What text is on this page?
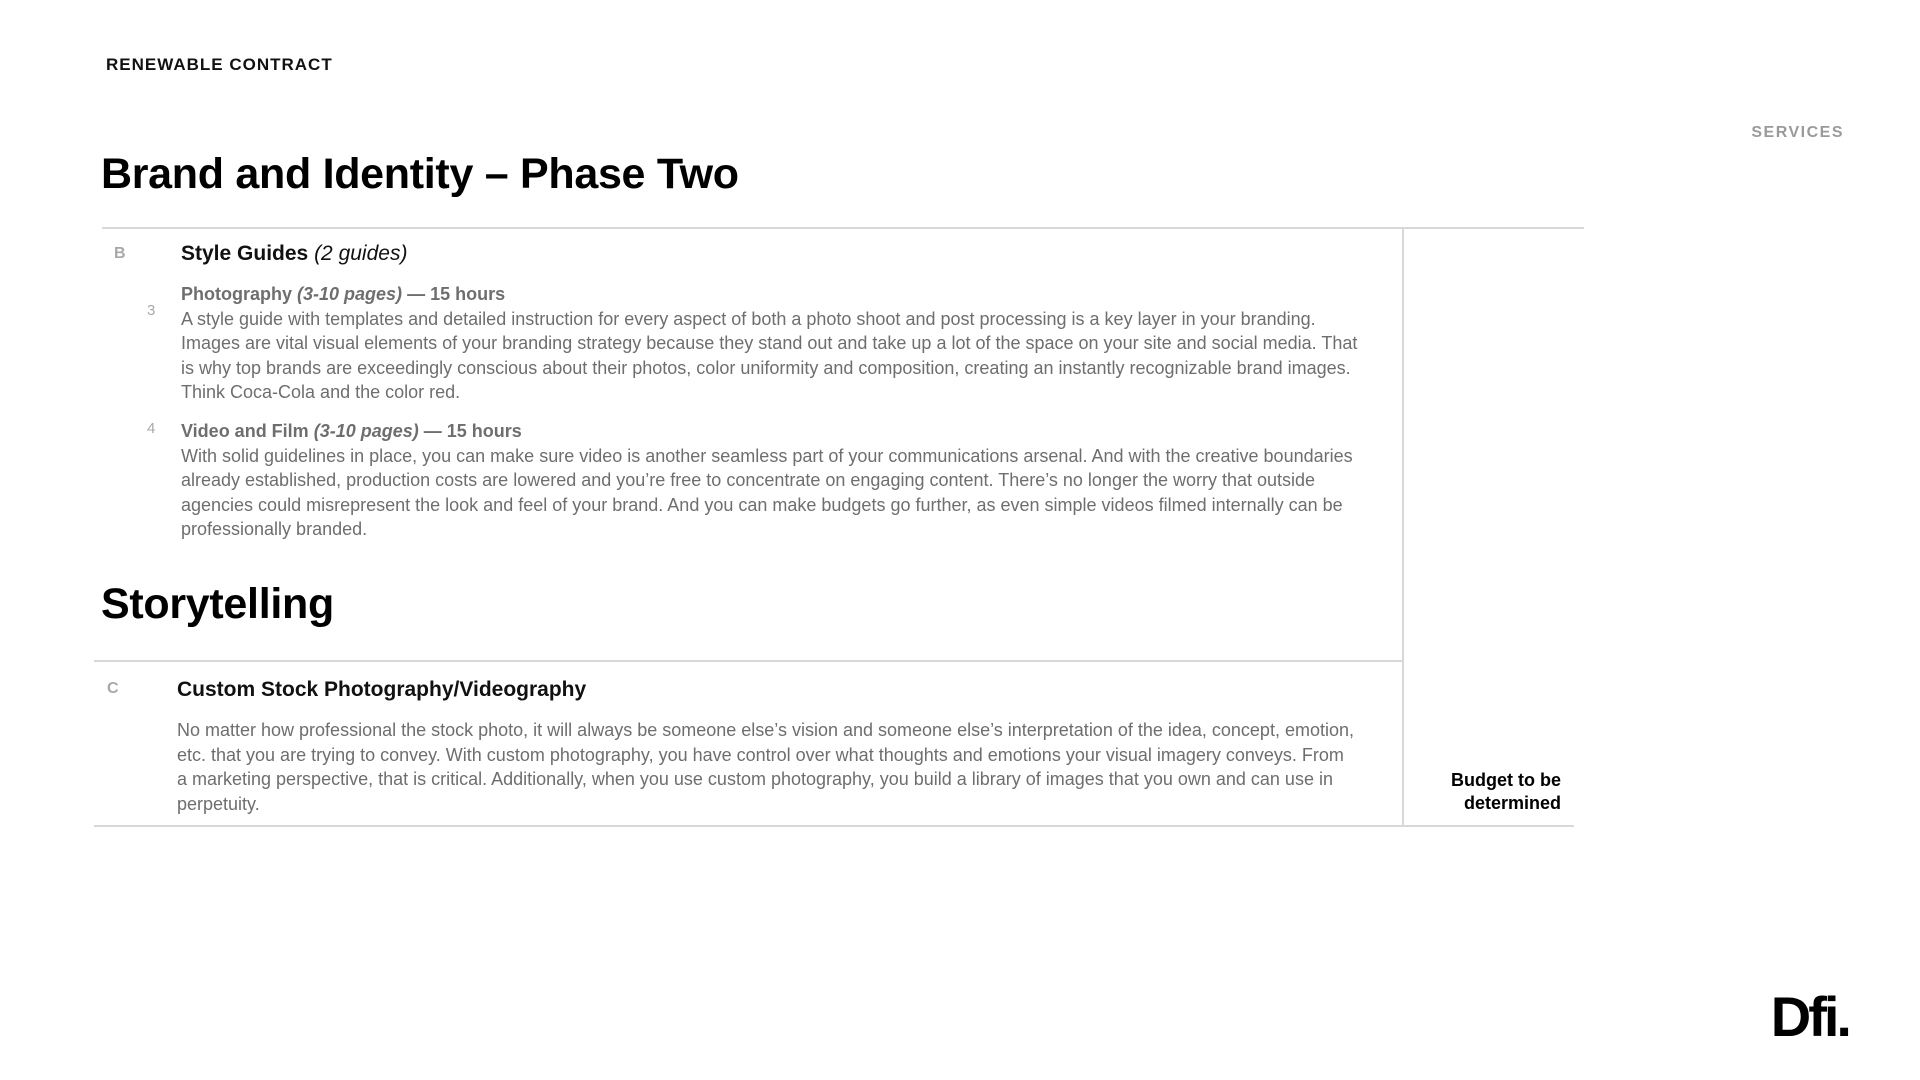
RENEWABLE CONTRACT
SERVICES
Brand and Identity – Phase Two
B	Style Guides (2 guides)
3
Photography (3-10 pages) — 15 hours
A style guide with templates and detailed instruction for every aspect of both a photo shoot and post processing is a key layer in your branding. Images are vital visual elements of your branding strategy because they stand out and take up a lot of the space on your site and social media. That is why top brands are exceedingly conscious about their photos, color uniformity and composition, creating an instantly recognizable brand images. Think Coca-Cola and the color red.
4 Video and Film (3-10 pages) — 15 hours
With solid guidelines in place, you can make sure video is another seamless part of your communications arsenal. And with the creative boundaries already established, production costs are lowered and you’re free to concentrate on engaging content. There’s no longer the worry that outside agencies could misrepresent the look and feel of your brand. And you can make budgets go further, as even simple videos filmed internally can be professionally branded.
Storytelling
C	Custom Stock Photography/Videography
No matter how professional the stock photo, it will always be someone else’s vision and someone else’s interpretation of the idea, concept, emotion, etc. that you are trying to convey. With custom photography, you have control over what thoughts and emotions your visual imagery conveys. From a marketing perspective, that is critical. Additionally, when you use custom photography, you build a library of images that you own and can use in perpetuity.
Budget to be determined
Dfi.
